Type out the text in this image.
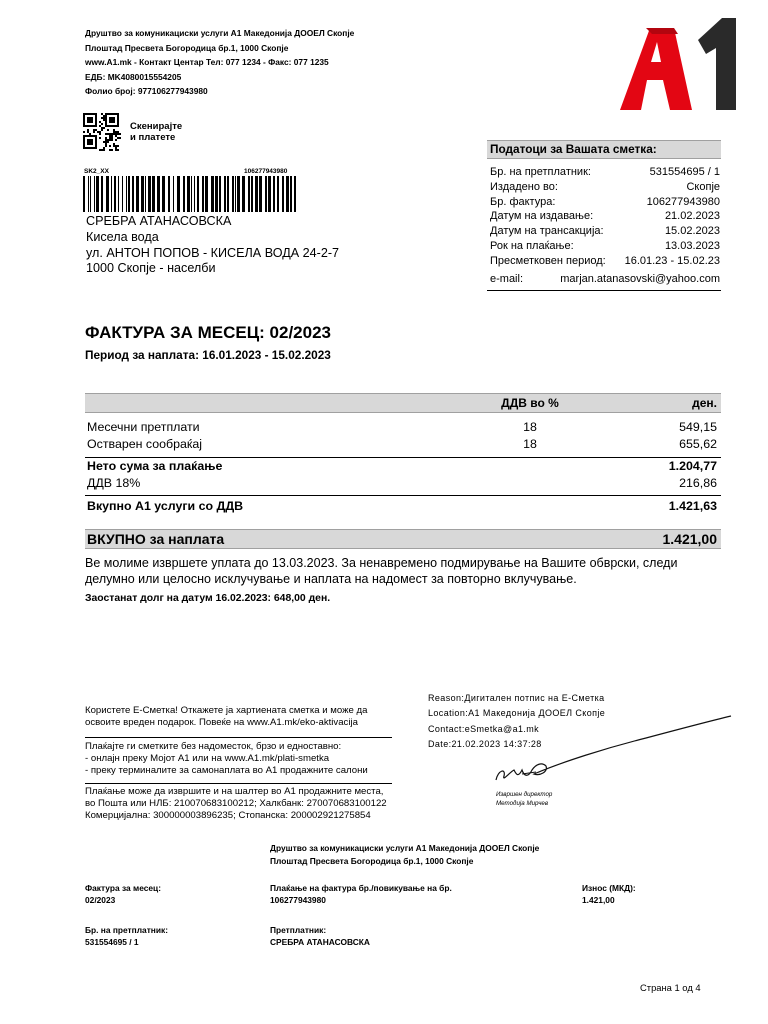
Друштво за комуникациски услуги А1 Македонија ДООЕЛ Скопје
Плоштад Пресвета Богородица бр.1, 1000 Скопје
www.A1.mk - Контакт Центар Тел: 077 1234 - Факс: 077 1235
ЕДБ: MK4080015554205
Фолио број: 977106277943980
Скенирајте
и платете
SK2_XX	106277943980
СРЕБРА АТАНАСОВСКА
Кисела вода
ул. АНТОН ПОПОВ - КИСЕЛА ВОДА 24-2-7
1000 Скопје - населби
Податоци за Вашата сметка:
Бр. на претплатник:	531554695 / 1
Издадено во:	Скопје
Бр. фактура:	106277943980
Датум на издавање:	21.02.2023
Датум на трансакција:	15.02.2023
Рок на плаќање:	13.03.2023
Пресметковен период: 16.01.23 - 15.02.23
e-mail:	marjan.atanasovski@yahoo.com
ФАКТУРА ЗА МЕСЕЦ: 02/2023
Период за наплата: 16.01.2023 - 15.02.2023
ДДВ во %	ден.
Месечни претплати	18	549,15
Остварен сообраќај	18	655,62
Нето сума за плаќање	1.204,77
ДДВ 18%	216,86
Вкупно А1 услуги со ДДВ	1.421,63
ВКУПНО за наплата	1.421,00
Ве молиме извршете уплата до 13.03.2023. За ненавремено подмирување на Вашите обврски, следи делумно или целосно исклучување и наплата на надомест за повторно вклучување.
Заостанат долг на датум 16.02.2023: 648,00 ден.
Користете Е-Сметка! Откажете ја хартиената сметка и може да
освоите вреден подарок. Повеќе на www.A1.mk/eko-aktivacija
Плаќајте ги сметките без надоместок, брзо и едноставно:
- онлајн преку Мојот А1 или на www.A1.mk/plati-smetka
- преку терминалите за самонаплата во А1 продажните салони
Плаќање може да извршите и на шалтер во А1 продажните места,
во Пошта или НЛБ: 210070683100212; Халкбанк: 270070683100122
Комерцијална: 300000003896235; Стопанска: 200002921275854
Reason:Дигитален потпис на Е-Сметка
Location:А1 Македонија ДООЕЛ Скопје
Contact:eSmetka@a1.mk
Date:21.02.2023 14:37:28
Извршен директор
Методија Мирчев
Друштво за комуникациски услуги А1 Македонија ДООЕЛ Скопје
Плоштад Пресвета Богородица бр.1, 1000 Скопје
Фактура за месец:
02/2023
Плаќање на фактура бр./повикување на бр.
106277943980
Износ (МКД):
1.421,00
Бр. на претплатник:
531554695 / 1
Претплатник:
СРЕБРА АТАНАСОВСКА
Страна 1 од 4
